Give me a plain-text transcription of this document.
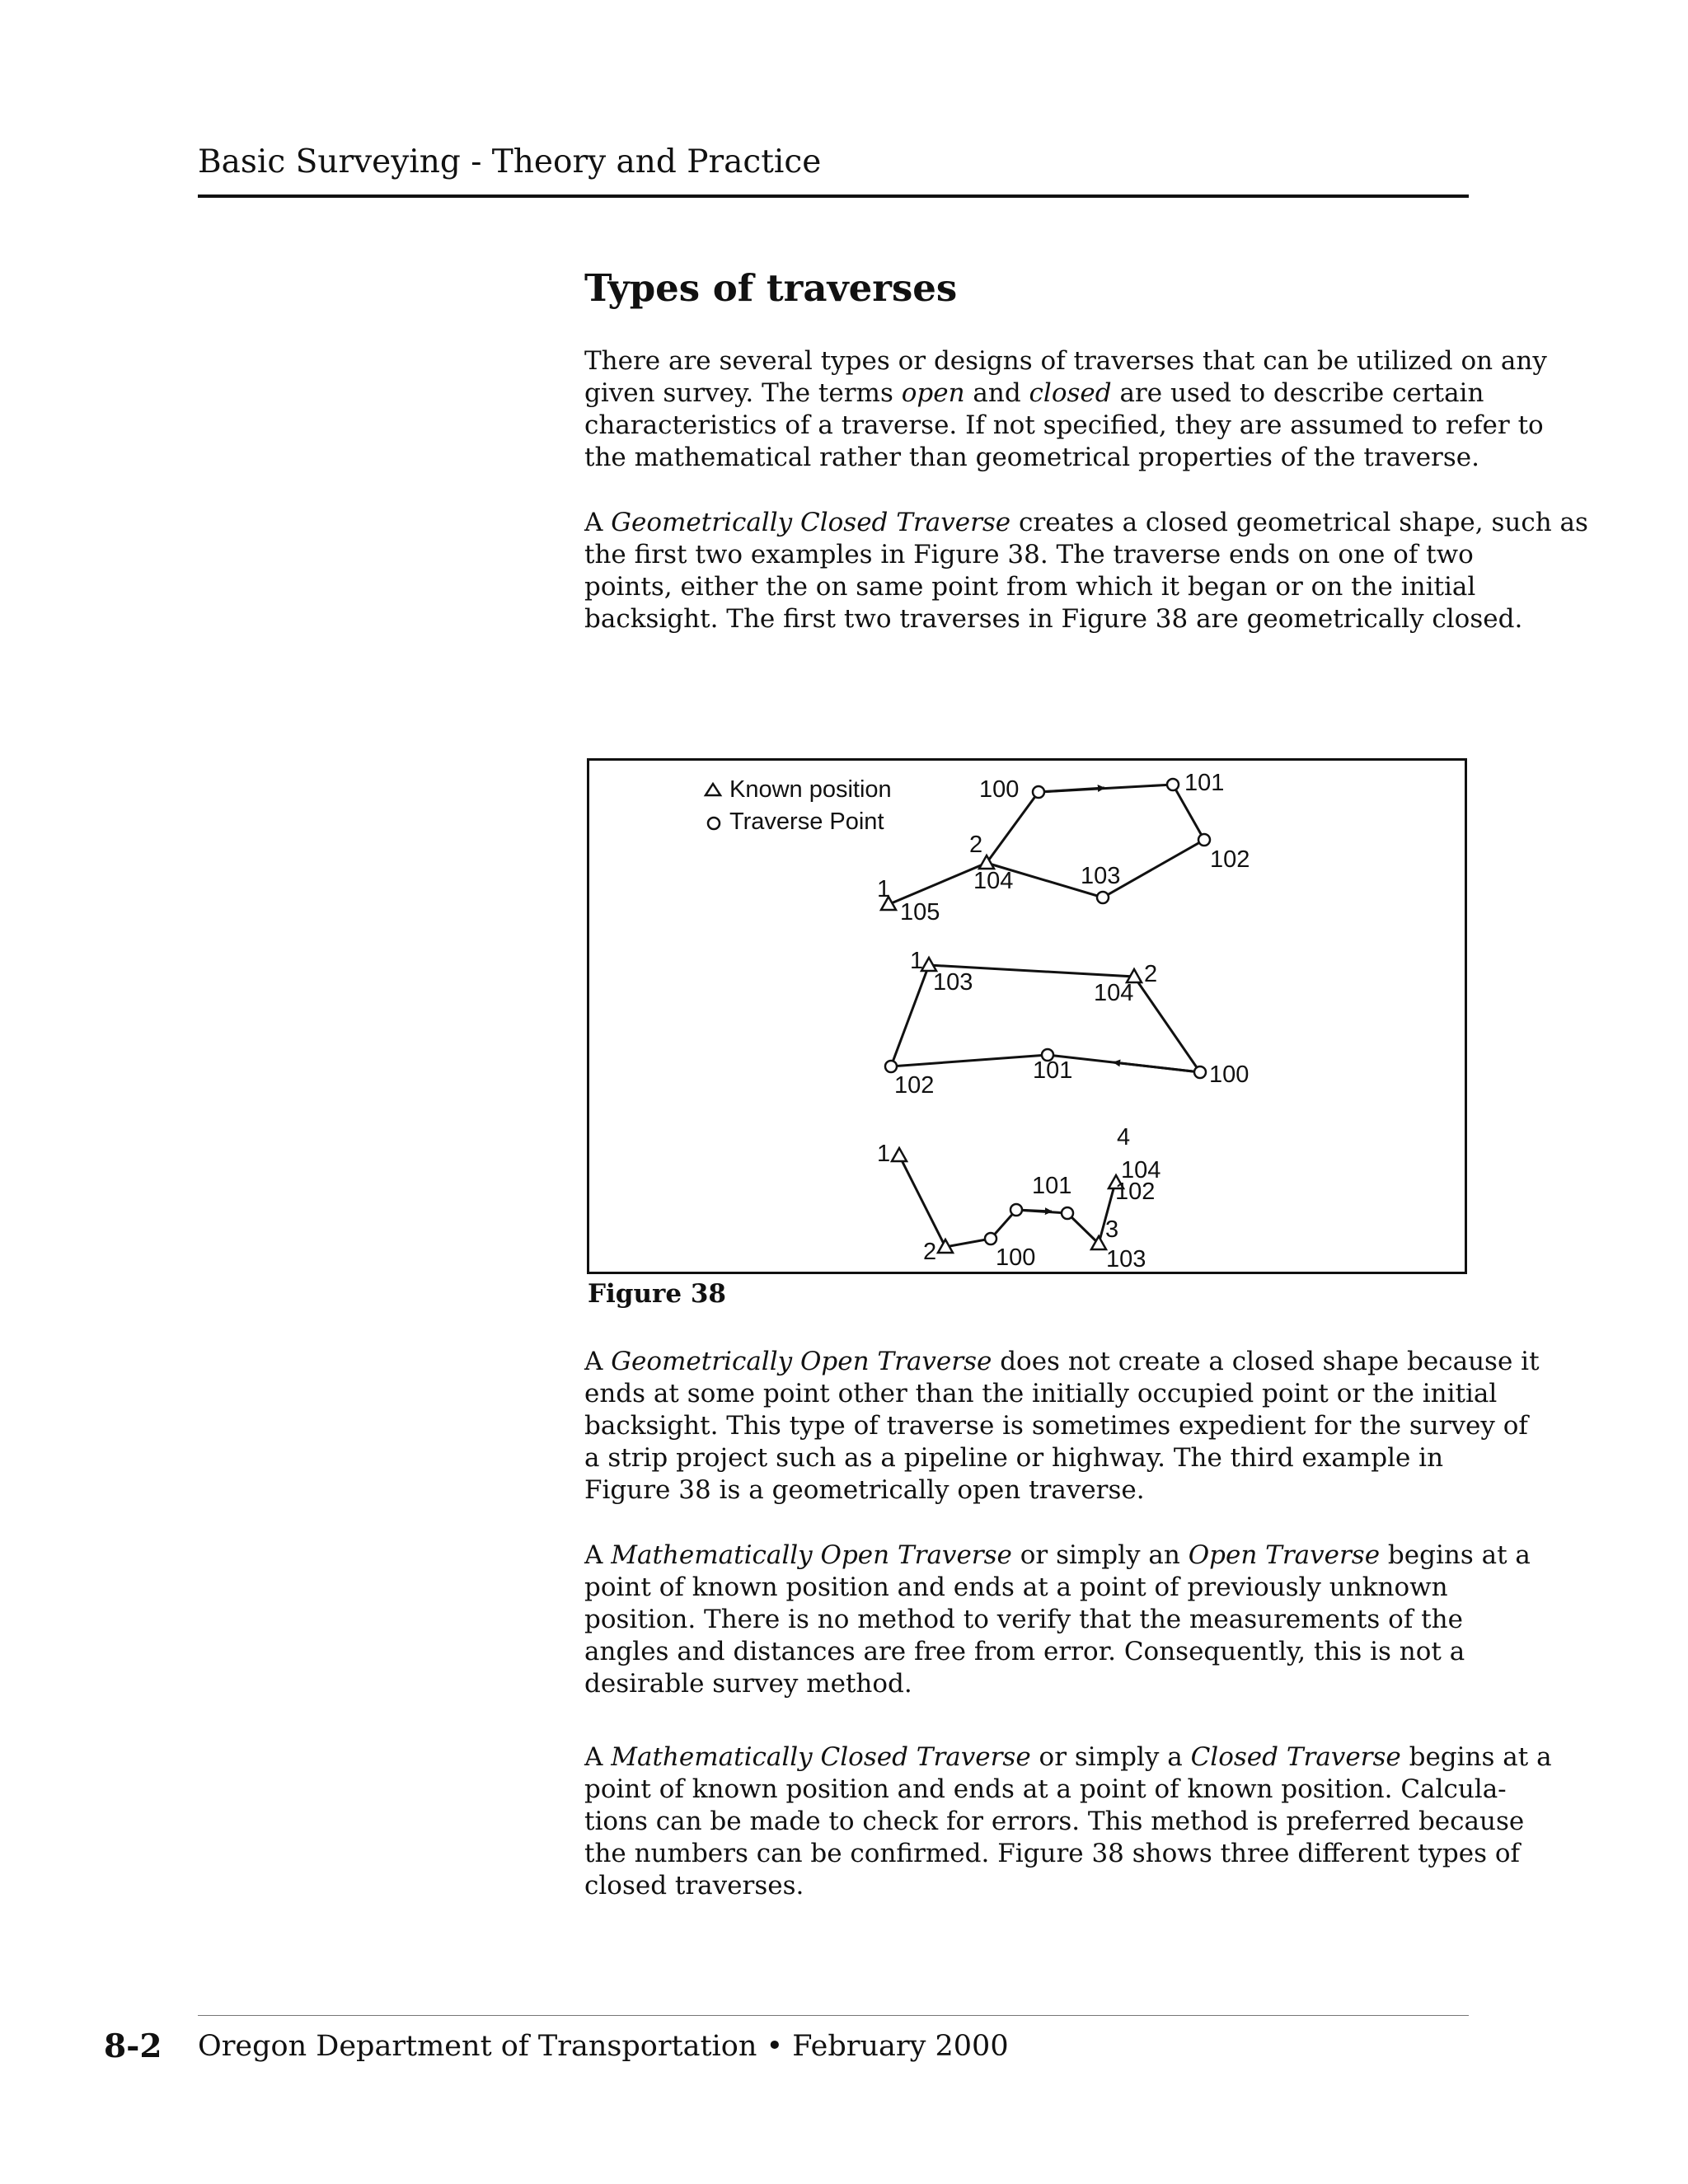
Basic Surveying - Theory and Practice
Types of traverses

There are several types or designs of traverses that can be utilized on any
given survey. The terms open and closed are used to describe certain
characteristics of a traverse. If not specified, they are assumed to refer to
the mathematical rather than geometrical properties of the traverse.

A Geometrically Closed Traverse creates a closed geometrical shape, such as
the first two examples in Figure 38. The traverse ends on one of two
points, either the on same point from which it began or on the initial
backsight. The first two traverses in Figure 38 are geometrically closed.

Known position
Traverse Point
100	101
102
103
104
105
1
2
100
101
102
103	104
1	2
100
101 102
103
104
1
2
3
4
Figure 38

A Geometrically Open Traverse does not create a closed shape because it
ends at some point other than the initially occupied point or the initial
backsight. This type of traverse is sometimes expedient for the survey of
a strip project such as a pipeline or highway. The third example in
Figure 38 is a geometrically open traverse.

A Mathematically Open Traverse or simply an Open Traverse begins at a
point of known position and ends at a point of previously unknown
position. There is no method to verify that the measurements of the
angles and distances are free from error. Consequently, this is not a
desirable survey method.

A Mathematically Closed Traverse or simply a Closed Traverse begins at a
point of known position and ends at a point of known position. Calcula-
tions can be made to check for errors. This method is preferred because
the numbers can be confirmed. Figure 38 shows three different types of
closed traverses.

8-2 Oregon Department of Transportation • February 2000
